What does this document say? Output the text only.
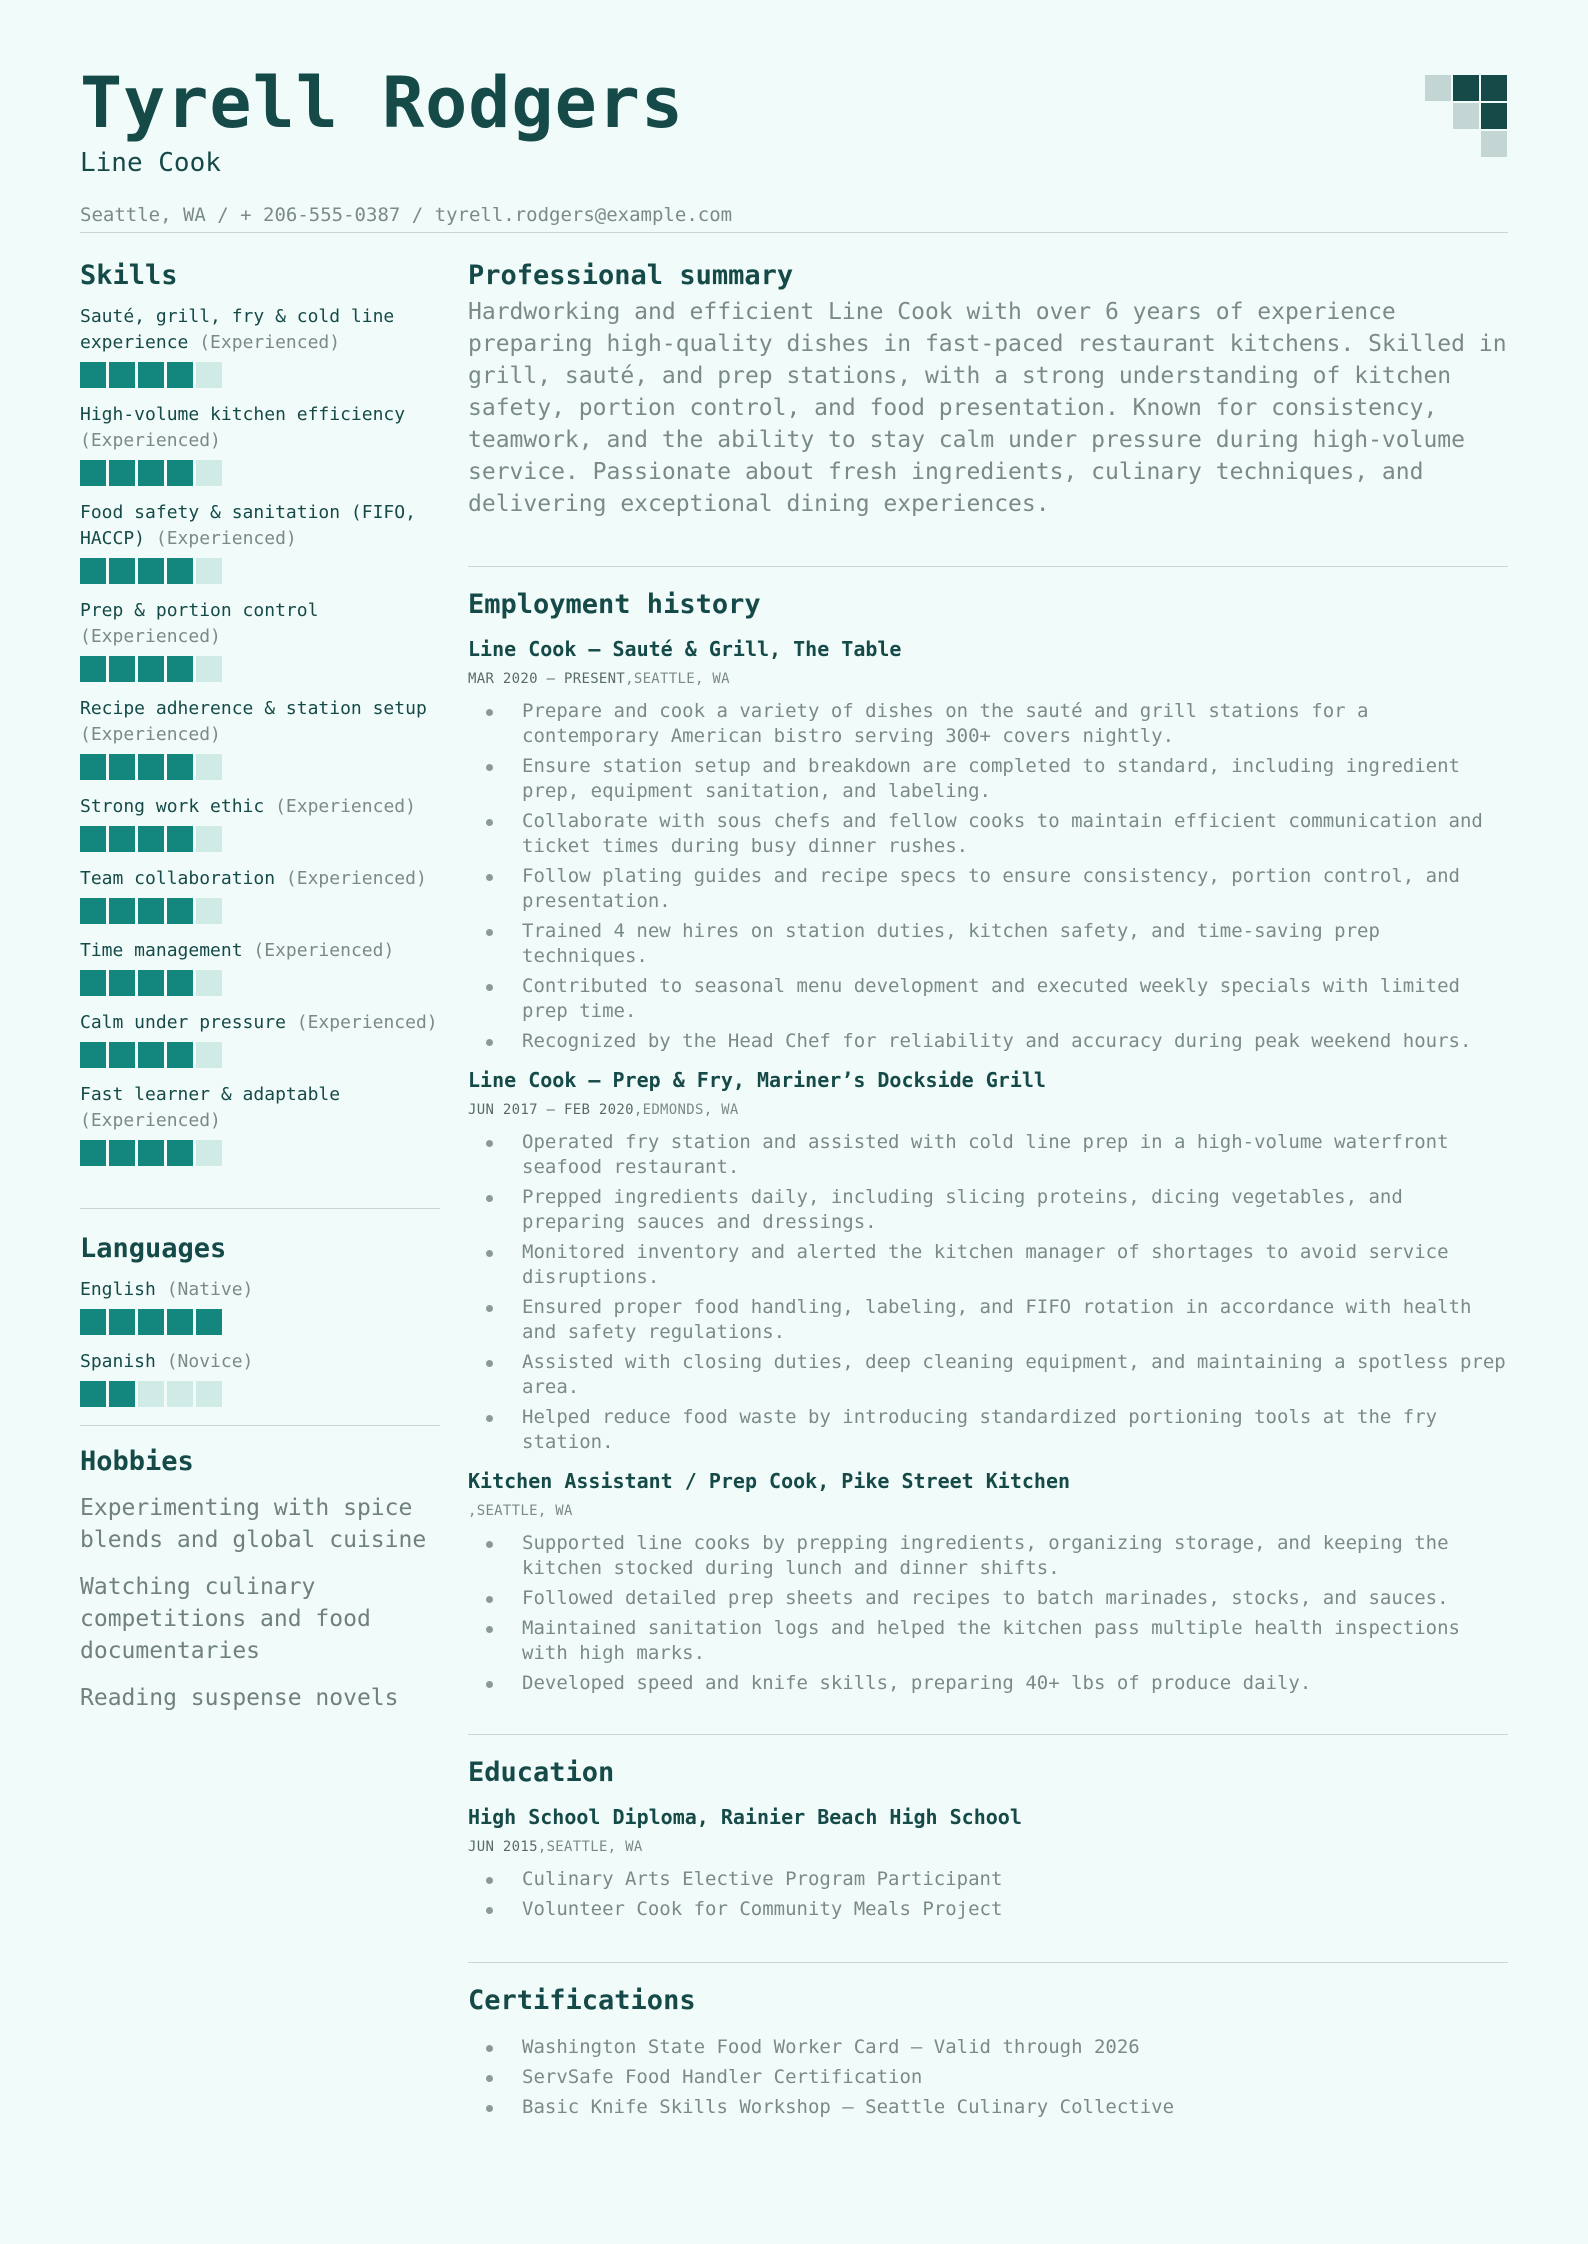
Tyrell Rodgers
Line Cook
Seattle, WA / + 206-555-0387 / tyrell.rodgers@example.com
Skills
Sauté, grill, fry & cold line experience (Experienced)
High-volume kitchen efficiency (Experienced)
Food safety & sanitation (FIFO, HACCP) (Experienced)
Prep & portion control (Experienced)
Recipe adherence & station setup (Experienced)
Strong work ethic (Experienced)
Team collaboration (Experienced)
Time management (Experienced)
Calm under pressure (Experienced)
Fast learner & adaptable (Experienced)
Languages
English (Native)
Spanish (Novice)
Hobbies
Experimenting with spice blends and global cuisine
Watching culinary competitions and food documentaries
Reading suspense novels
Professional summary

Hardworking and efficient Line Cook with over 6 years of experience preparing high-quality dishes in fast-paced restaurant kitchens. Skilled in grill, sauté, and prep stations, with a strong understanding of kitchen safety, portion control, and food presentation. Known for consistency, teamwork, and the ability to stay calm under pressure during high-volume service. Passionate about fresh ingredients, culinary techniques, and delivering exceptional dining experiences.

Employment history
Line Cook – Sauté & Grill, The Table
MAR 2020 – PRESENT,SEATTLE, WA
Prepare and cook a variety of dishes on the sauté and grill stations for a contemporary American bistro serving 300+ covers nightly.
Ensure station setup and breakdown are completed to standard, including ingredient prep, equipment sanitation, and labeling.
Collaborate with sous chefs and fellow cooks to maintain efficient communication and ticket times during busy dinner rushes.
Follow plating guides and recipe specs to ensure consistency, portion control, and presentation.
Trained 4 new hires on station duties, kitchen safety, and time-saving prep techniques.
Contributed to seasonal menu development and executed weekly specials with limited prep time.
Recognized by the Head Chef for reliability and accuracy during peak weekend hours.
Line Cook – Prep & Fry, Mariner’s Dockside Grill
JUN 2017 – FEB 2020,EDMONDS, WA
Operated fry station and assisted with cold line prep in a high-volume waterfront seafood restaurant.
Prepped ingredients daily, including slicing proteins, dicing vegetables, and preparing sauces and dressings.
Monitored inventory and alerted the kitchen manager of shortages to avoid service disruptions.
Ensured proper food handling, labeling, and FIFO rotation in accordance with health and safety regulations.
Assisted with closing duties, deep cleaning equipment, and maintaining a spotless prep area.
Helped reduce food waste by introducing standardized portioning tools at the fry station.
Kitchen Assistant / Prep Cook, Pike Street Kitchen
,SEATTLE, WA
Supported line cooks by prepping ingredients, organizing storage, and keeping the kitchen stocked during lunch and dinner shifts.
Followed detailed prep sheets and recipes to batch marinades, stocks, and sauces.
Maintained sanitation logs and helped the kitchen pass multiple health inspections with high marks.
Developed speed and knife skills, preparing 40+ lbs of produce daily.
Education
High School Diploma, Rainier Beach High School
JUN 2015,SEATTLE, WA
Culinary Arts Elective Program Participant
Volunteer Cook for Community Meals Project
Certifications
Washington State Food Worker Card – Valid through 2026
ServSafe Food Handler Certification
Basic Knife Skills Workshop – Seattle Culinary Collective
